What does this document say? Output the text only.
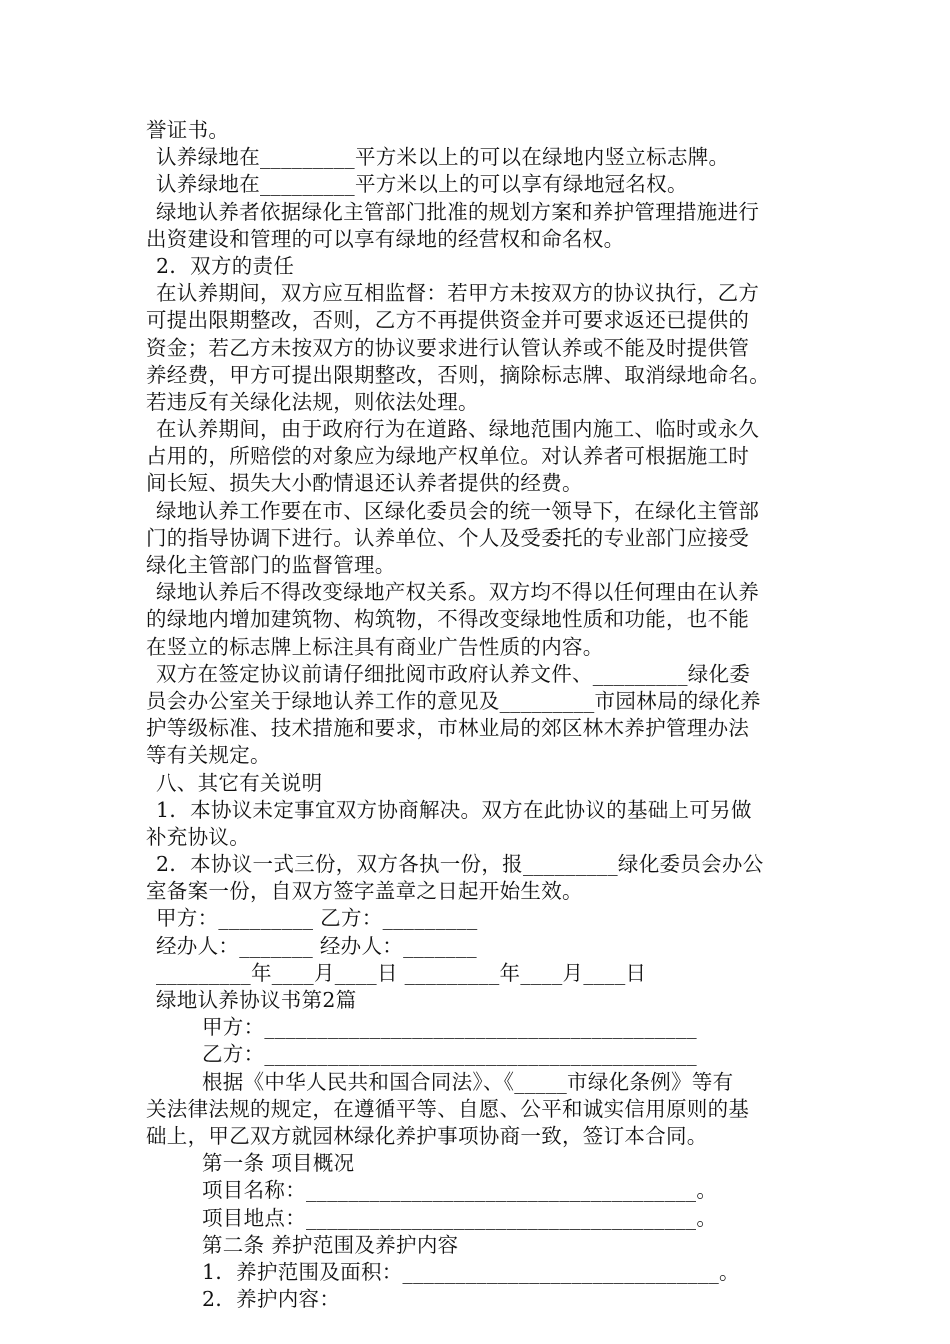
誉证书。
认养绿地在_________平方米以上的可以在绿地内竖立标志牌。
认养绿地在_________平方米以上的可以享有绿地冠名权。
绿地认养者依据绿化主管部门批准的规划方案和养护管理措施进行
出资建设和管理的可以享有绿地的经营权和命名权。
2．双方的责任
在认养期间，双方应互相监督：若甲方未按双方的协议执行，乙方
可提出限期整改，否则，乙方不再提供资金并可要求返还已提供的
资金；若乙方未按双方的协议要求进行认管认养或不能及时提供管
养经费，甲方可提出限期整改，否则，摘除标志牌、取消绿地命名。
若违反有关绿化法规，则依法处理。
在认养期间，由于政府行为在道路、绿地范围内施工、临时或永久
占用的，所赔偿的对象应为绿地产权单位。对认养者可根据施工时
间长短、损失大小酌情退还认养者提供的经费。
绿地认养工作要在市、区绿化委员会的统一领导下，在绿化主管部
门的指导协调下进行。认养单位、个人及受委托的专业部门应接受
绿化主管部门的监督管理。
绿地认养后不得改变绿地产权关系。双方均不得以任何理由在认养
的绿地内增加建筑物、构筑物，不得改变绿地性质和功能，也不能
在竖立的标志牌上标注具有商业广告性质的内容。
双方在签定协议前请仔细批阅市政府认养文件、_________绿化委
员会办公室关于绿地认养工作的意见及_________市园林局的绿化养
护等级标准、技术措施和要求，市林业局的郊区林木养护管理办法
等有关规定。
八、其它有关说明
1．本协议未定事宜双方协商解决。双方在此协议的基础上可另做
补充协议。
2．本协议一式三份，双方各执一份，报_________绿化委员会办公
室备案一份，自双方签字盖章之日起开始生效。
甲方：_________ 乙方：_________
经办人：_______ 经办人：_______
_________年____月____日 _________年____月____日
绿地认养协议书第2篇
甲方：_________________________________________
乙方：_________________________________________
根据《中华人民共和国合同法》、《_____市绿化条例》等有
关法律法规的规定，在遵循平等、自愿、公平和诚实信用原则的基
础上，甲乙双方就园林绿化养护事项协商一致，签订本合同。
第一条 项目概况
项目名称：_____________________________________。
项目地点：_____________________________________。
第二条 养护范围及养护内容
1．养护范围及面积：______________________________。
2．养护内容：
